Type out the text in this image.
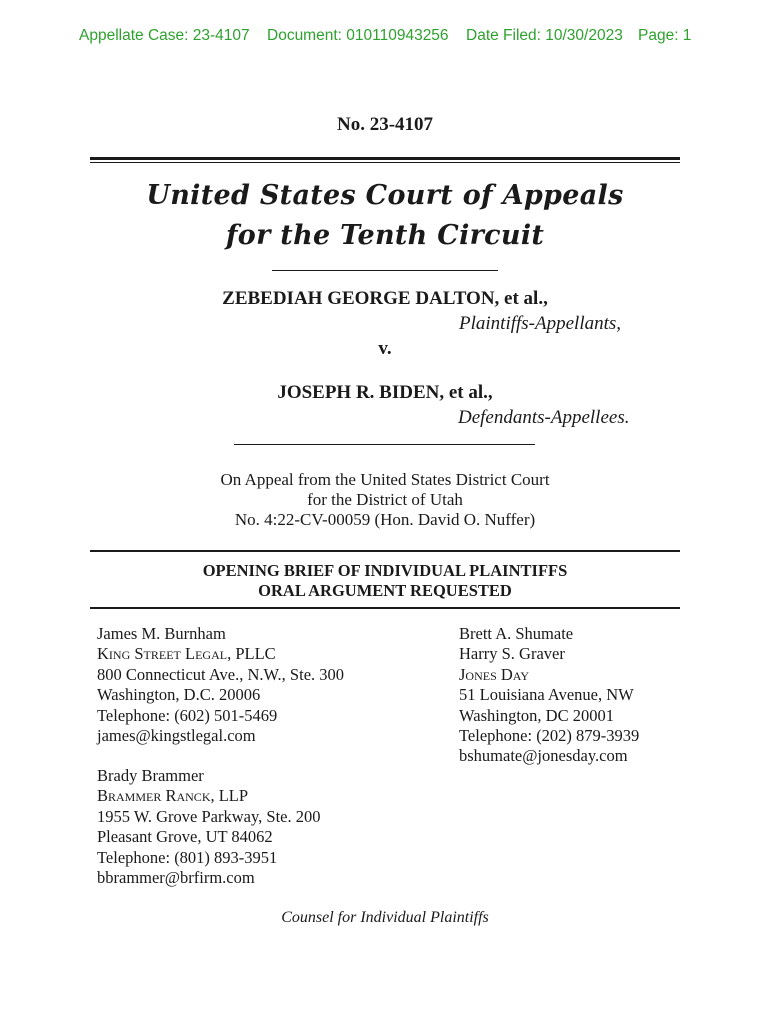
Appellate Case: 23-4107 Document: 010110943256 Date Filed: 10/30/2023 Page: 1
No. 23-4107
United States Court of Appeals
for the Tenth Circuit
ZEBEDIAH GEORGE DALTON, et al.,
Plaintiffs-Appellants,
v.
JOSEPH R. BIDEN, et al.,
Defendants-Appellees.
On Appeal from the United States District Court
for the District of Utah
No. 4:22-CV-00059 (Hon. David O. Nuffer)
OPENING BRIEF OF INDIVIDUAL PLAINTIFFS
ORAL ARGUMENT REQUESTED
James M. Burnham
King Street Legal, PLLC
800 Connecticut Ave., N.W., Ste. 300
Washington, D.C. 20006
Telephone: (602) 501-5469
james@kingstlegal.com
Brady Brammer
Brammer Ranck, LLP
1955 W. Grove Parkway, Ste. 200
Pleasant Grove, UT 84062
Telephone: (801) 893-3951
bbrammer@brfirm.com
Brett A. Shumate
Harry S. Graver
Jones Day
51 Louisiana Avenue, NW
Washington, DC 20001
Telephone: (202) 879-3939
bshumate@jonesday.com
Counsel for Individual Plaintiffs
